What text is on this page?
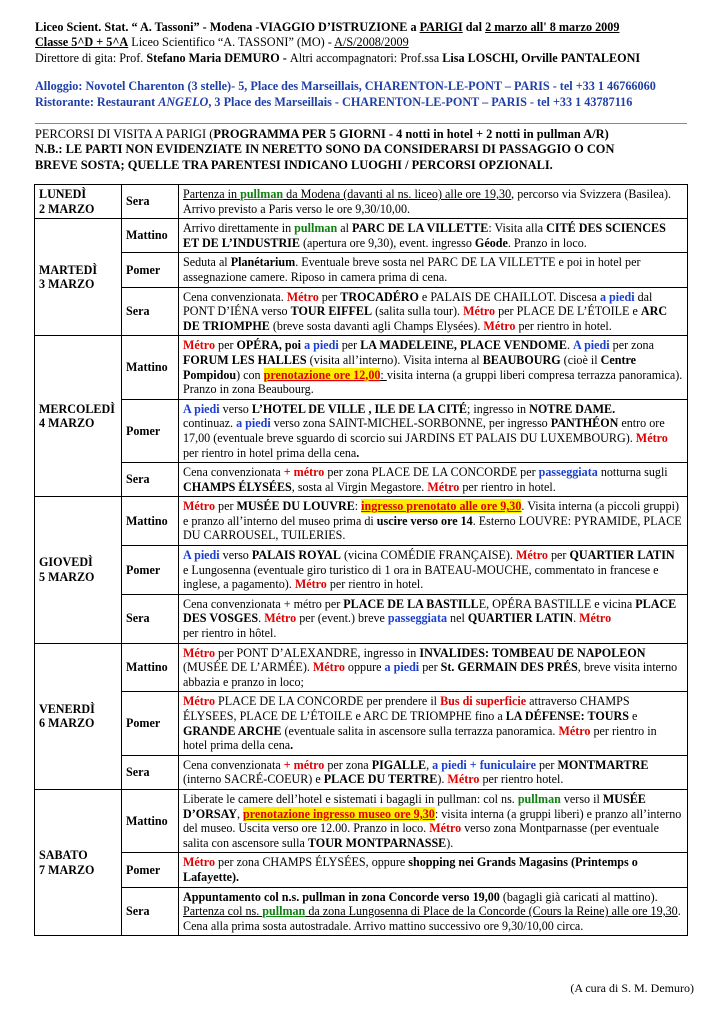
Liceo Scient. Stat. “ A. Tassoni” - Modena -VIAGGIO D’ISTRUZIONE a PARIGI dal 2 marzo all' 8 marzo 2009
Classe 5^D + 5^A Liceo Scientifico “A. TASSONI” (MO) - A/S/2008/2009
Direttore di gita: Prof. Stefano Maria DEMURO - Altri accompagnatori: Prof.ssa Lisa LOSCHI, Orville PANTALEONI
Alloggio: Novotel Charenton (3 stelle)- 5, Place des Marseillais, CHARENTON-LE-PONT – PARIS - tel +33 1 46766060
Ristorante: Restaurant ANGELO, 3 Place des Marseillais - CHARENTON-LE-PONT – PARIS - tel +33 1 43787116
PERCORSI DI VISITA A PARIGI (PROGRAMMA PER 5 GIORNI - 4 notti in hotel + 2 notti in pullman A/R)
N.B.: LE PARTI NON EVIDENZIATE IN NERETTO SONO DA CONSIDERARSI DI PASSAGGIO O CON
BREVE SOSTA; QUELLE TRA PARENTESI INDICANO LUOGHI / PERCORSI OPZIONALI.
LUNEDÌ
2 MARZO	Sera	Partenza in pullman da Modena (davanti al ns. liceo) alle ore 19,30, percorso via Svizzera (Basilea). Arrivo previsto a Paris verso le ore 9,30/10,00.

MARTEDÌ
3 MARZO	Mattino	Arrivo direttamente in pullman al PARC DE LA VILLETTE: Visita alla CITÉ DES SCIENCES ET DE L’INDUSTRIE (apertura ore 9,30), event. ingresso Géode. Pranzo in loco.
	Pomer	Seduta al Planétarium. Eventuale breve sosta nel PARC DE LA VILLETTE e poi in hotel per assegnazione camere. Riposo in camera prima di cena.
	Sera	Cena convenzionata. Métro per TROCADÉRO e PALAIS DE CHAILLOT. Discesa a piedi dal PONT D’IÉNA verso TOUR EIFFEL (salita sulla tour). Métro per PLACE DE L’ÉTOILE e ARC DE TRIOMPHE (breve sosta davanti agli Champs Elysées). Métro per rientro in hotel.

MERCOLEDÌ
4 MARZO	Mattino	Métro per OPÉRA, poi a piedi per LA MADELEINE, PLACE VENDOME. A piedi per zona FORUM LES HALLES (visita all’interno). Visita interna al BEAUBOURG (cioè il Centre Pompidou) con prenotazione ore 12,00: visita interna (a gruppi liberi compresa terrazza panoramica). Pranzo in zona Beaubourg.
	Pomer	A piedi verso L’HOTEL DE VILLE , ILE DE LA CITÉ; ingresso in NOTRE DAME.
continuaz. a piedi verso zona SAINT-MICHEL-SORBONNE, per ingresso PANTHÉON entro ore 17,00 (eventuale breve sguardo di scorcio sui JARDINS ET PALAIS DU LUXEMBOURG). Métro per rientro in hotel prima della cena.
	Sera	Cena convenzionata + métro per zona PLACE DE LA CONCORDE per passeggiata notturna sugli CHAMPS ÉLYSÉES, sosta al Virgin Megastore. Métro per rientro in hotel.

GIOVEDÌ
5 MARZO	Mattino	Métro per MUSÉE DU LOUVRE: ingresso prenotato alle ore 9,30. Visita interna (a piccoli gruppi) e pranzo all’interno del museo prima di uscire verso ore 14. Esterno LOUVRE: PYRAMIDE, PLACE DU CARROUSEL, TUILERIES.
	Pomer	A piedi verso PALAIS ROYAL (vicina COMÉDIE FRANÇAISE). Métro per QUARTIER LATIN e Lungosenna (eventuale giro turistico di 1 ora in BATEAU-MOUCHE, commentato in francese e inglese, a pagamento). Métro per rientro in hotel.
	Sera	Cena convenzionata + métro per PLACE DE LA BASTILLE, OPÉRA BASTILLE e vicina PLACE DES VOSGES. Métro per (event.) breve passeggiata nel QUARTIER LATIN. Métro
per rientro in hôtel.

VENERDÌ
6 MARZO	Mattino	Métro per PONT D’ALEXANDRE, ingresso in INVALIDES: TOMBEAU DE NAPOLEON (MUSÉE DE L’ARMÉE). Métro oppure a piedi per St. GERMAIN DES PRÉS, breve visita interno abbazia e pranzo in loco;
	Pomer	Métro PLACE DE LA CONCORDE per prendere il Bus di superficie attraverso CHAMPS ÉLYSEES, PLACE DE L’ÉTOILE e ARC DE TRIOMPHE fino a LA DÉFENSE: TOURS e GRANDE ARCHE (eventuale salita in ascensore sulla terrazza panoramica. Métro per rientro in hotel prima della cena.
	Sera	Cena convenzionata + métro per zona PIGALLE, a piedi + funiculaire per MONTMARTRE (interno SACRÉ-COEUR) e PLACE DU TERTRE). Métro per rientro hotel.

SABATO
7 MARZO	Mattino	Liberate le camere dell’hotel e sistemati i bagagli in pullman: col ns. pullman verso il MUSÉE D’ORSAY, prenotazione ingresso museo ore 9,30: visita interna (a gruppi liberi) e pranzo all’interno del museo. Uscita verso ore 12.00. Pranzo in loco. Métro verso zona Montparnasse (per eventuale salita con ascensore sulla TOUR MONTPARNASSE).
	Pomer	Métro per zona CHAMPS ÉLYSÉES, oppure shopping nei Grands Magasins (Printemps o Lafayette).
	Sera	Appuntamento col n.s. pullman in zona Concorde verso 19,00 (bagagli già caricati al mattino). Partenza col ns. pullman da zona Lungosenna di Place de la Concorde (Cours la Reine) alle ore 19,30. Cena alla prima sosta autostradale. Arrivo mattino successivo ore 9,30/10,00 circa.
(A cura di S. M. Demuro)
